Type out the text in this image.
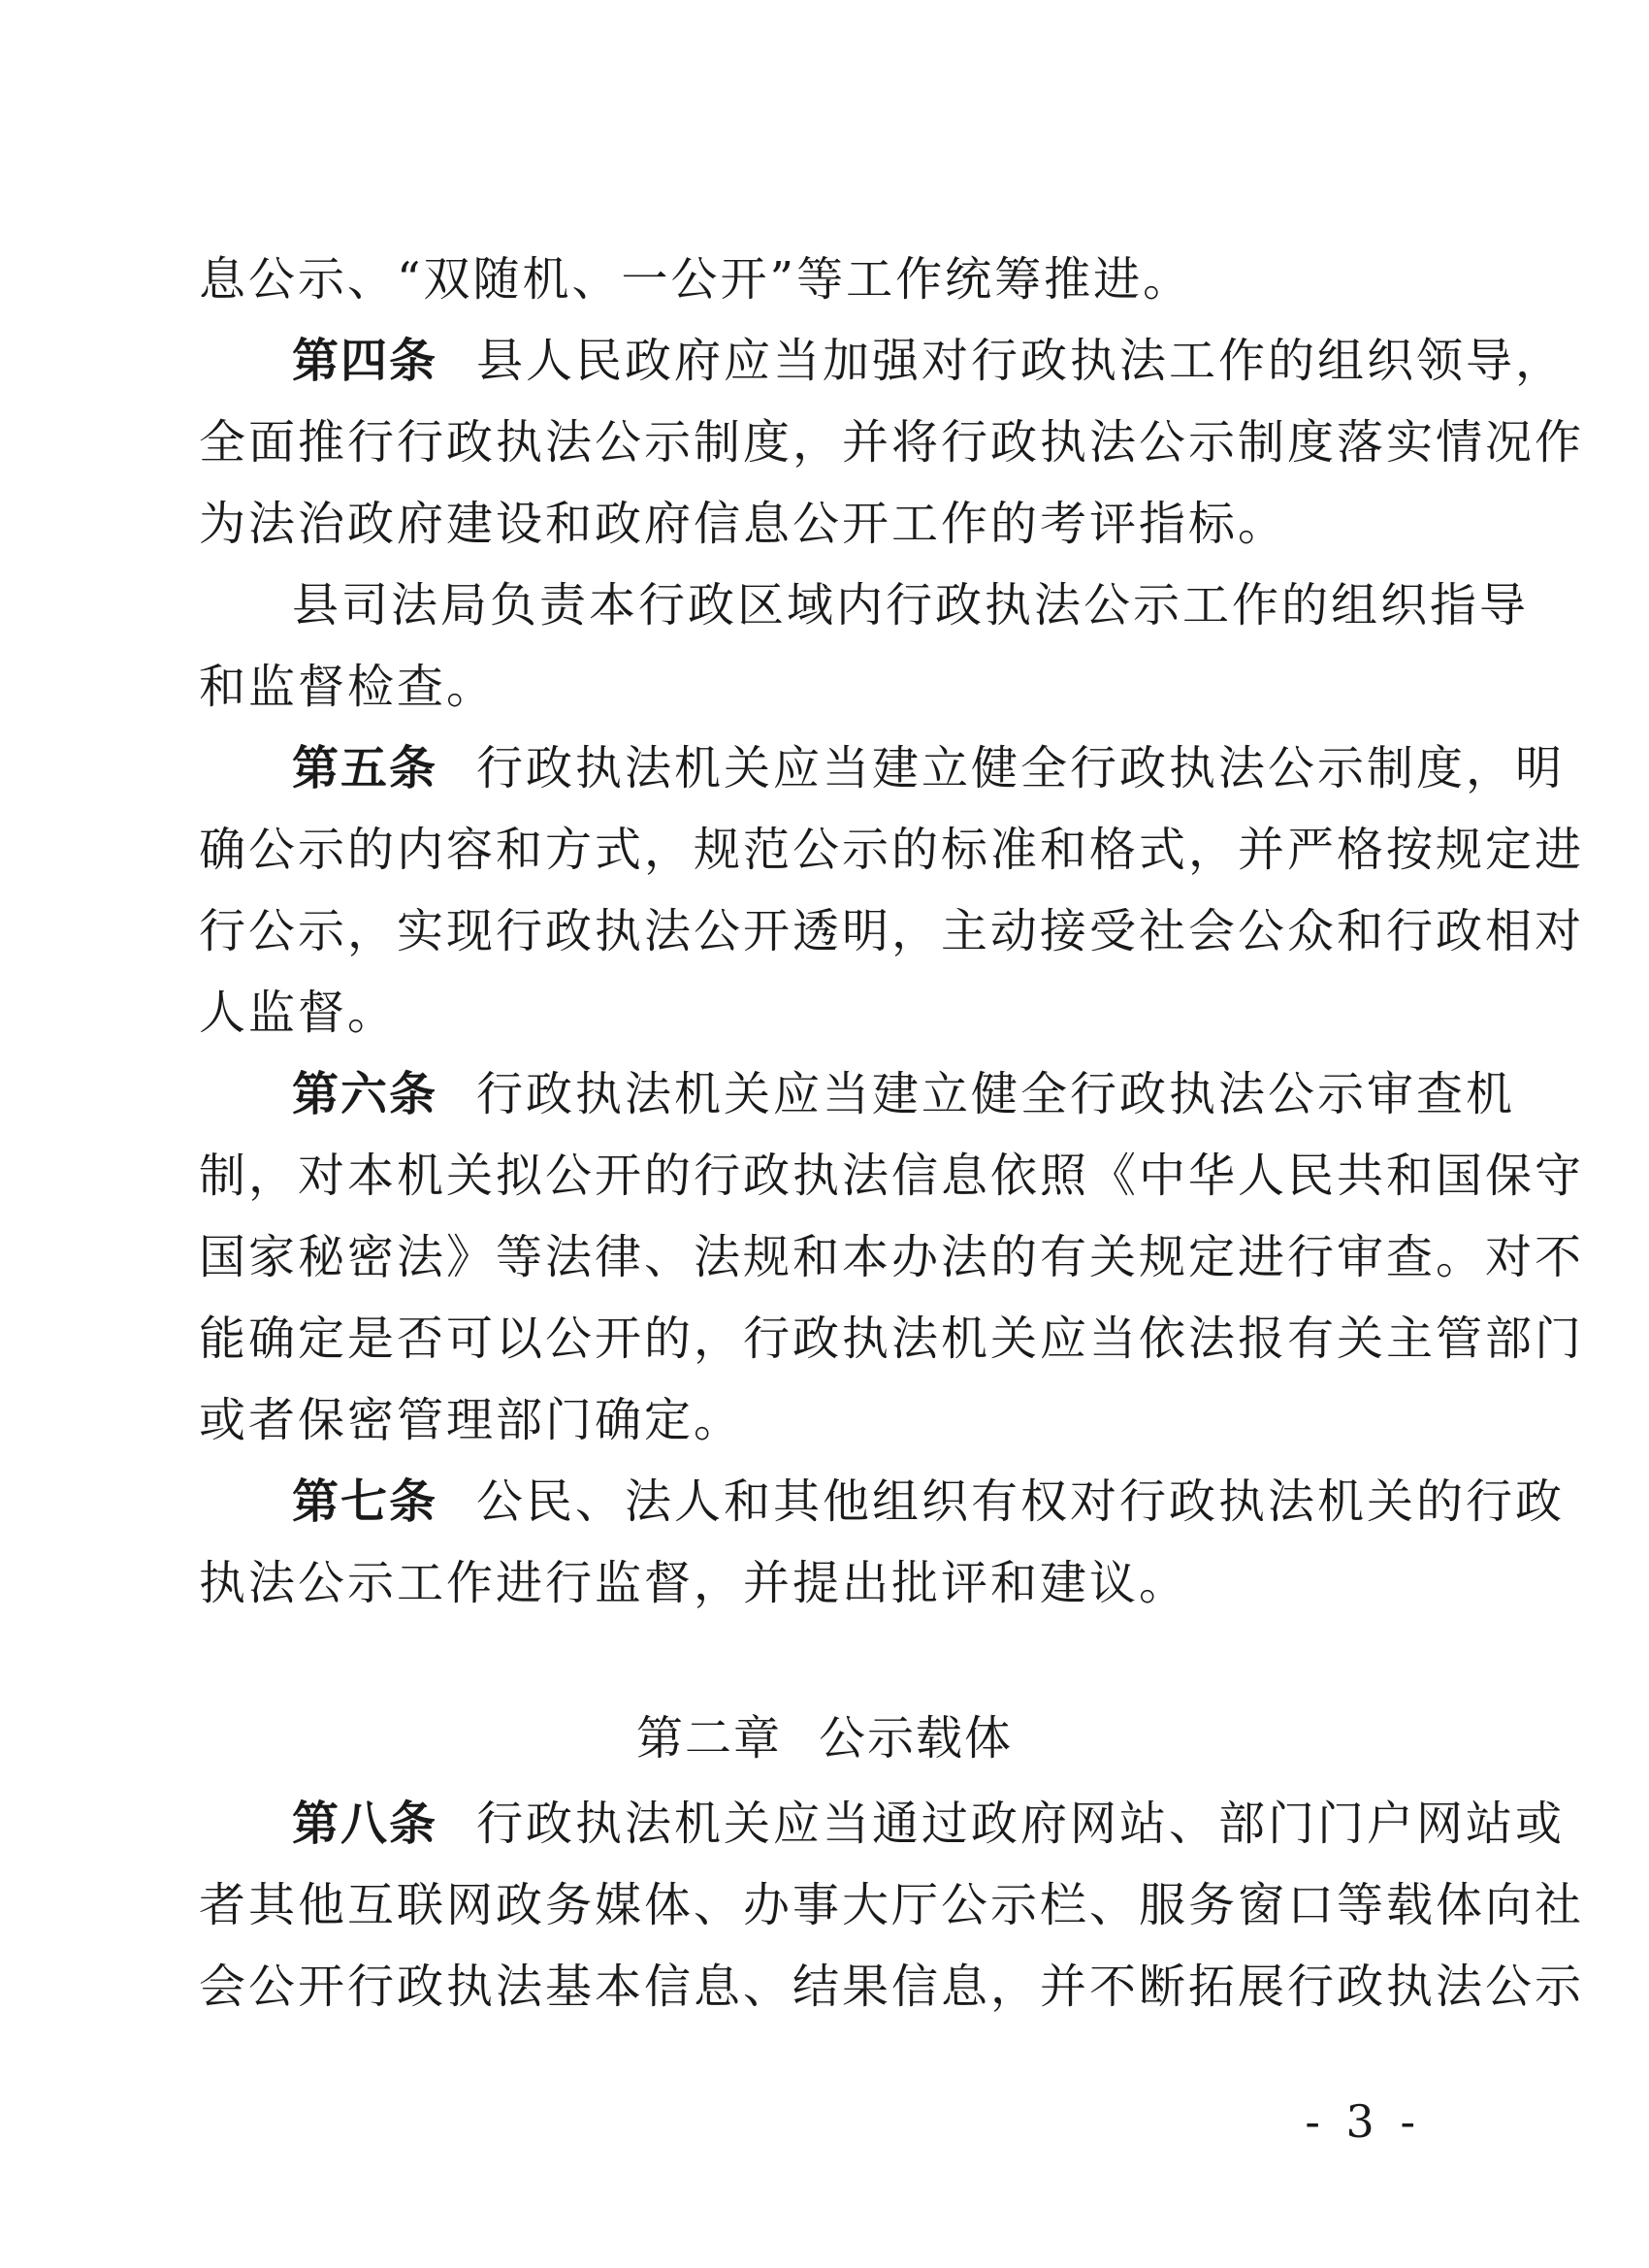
息公示、“双随机、一公开”等工作统筹推进。
第四条 县人民政府应当加强对行政执法工作的组织领导，
全面推行行政执法公示制度，并将行政执法公示制度落实情况作
为法治政府建设和政府信息公开工作的考评指标。
县司法局负责本行政区域内行政执法公示工作的组织指导
和监督检查。
第五条 行政执法机关应当建立健全行政执法公示制度，明
确公示的内容和方式，规范公示的标准和格式，并严格按规定进
行公示，实现行政执法公开透明，主动接受社会公众和行政相对
人监督。
第六条 行政执法机关应当建立健全行政执法公示审查机
制，对本机关拟公开的行政执法信息依照《中华人民共和国保守
国家秘密法》等法律、法规和本办法的有关规定进行审查。对不
能确定是否可以公开的，行政执法机关应当依法报有关主管部门
或者保密管理部门确定。
第七条 公民、法人和其他组织有权对行政执法机关的行政
执法公示工作进行监督，并提出批评和建议。
第二章 公示载体
第八条 行政执法机关应当通过政府网站、部门门户网站或
者其他互联网政务媒体、办事大厅公示栏、服务窗口等载体向社
会公开行政执法基本信息、结果信息，并不断拓展行政执法公示
- 3 -
